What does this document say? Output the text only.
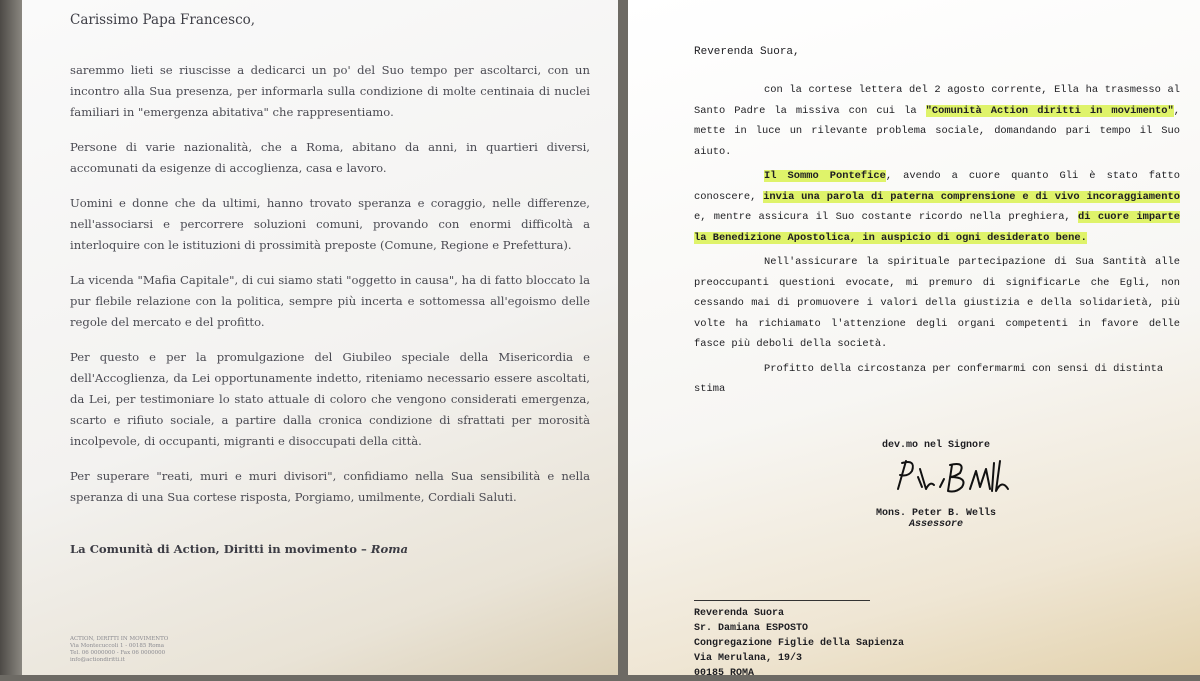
Carissimo Papa Francesco,

saremmo lieti se riuscisse a dedicarci un po' del Suo tempo per ascoltarci, con un incontro alla Sua presenza, per informarla sulla condizione di molte centinaia di nuclei familiari in "emergenza abitativa" che rappresentiamo.

Persone di varie nazionalità, che a Roma, abitano da anni, in quartieri diversi, accomunati da esigenze di accoglienza, casa e lavoro.

Uomini e donne che da ultimi, hanno trovato speranza e coraggio, nelle differenze, nell'associarsi e percorrere soluzioni comuni, provando con enormi difficoltà a interloquire con le istituzioni di prossimità preposte (Comune, Regione e Prefettura).

La vicenda "Mafia Capitale", di cui siamo stati "oggetto in causa", ha di fatto bloccato la pur flebile relazione con la politica, sempre più incerta e sottomessa all'egoismo delle regole del mercato e del profitto.

Per questo e per la promulgazione del Giubileo speciale della Misericordia e dell'Accoglienza, da Lei opportunamente indetto, riteniamo necessario essere ascoltati, da Lei, per testimoniare lo stato attuale di coloro che vengono considerati emergenza, scarto e rifiuto sociale, a partire dalla cronica condizione di sfrattati per morosità incolpevole, di occupanti, migranti e disoccupati della città.

Per superare "reati, muri e muri divisori", confidiamo nella Sua sensibilità e nella speranza di una Sua cortese risposta, Porgiamo, umilmente, Cordiali Saluti.

La Comunità di Action, Diritti in movimento – Roma
ACTION, DIRITTI IN MOVIMENTO
Via Montecuccoli 1 - 00185 Roma
Tel. 06 0000000 - Fax 06 0000000
info@actiondiritti.it

Reverenda Suora,

con la cortese lettera del 2 agosto corrente, Ella ha trasmesso al Santo Padre la missiva con cui la "Comunità Action diritti in movimento", mette in luce un rilevante problema sociale, domandando pari tempo il Suo aiuto.

Il Sommo Pontefice, avendo a cuore quanto Gli è stato fatto conoscere, invia una parola di paterna comprensione e di vivo incoraggiamento e, mentre assicura il Suo costante ricordo nella preghiera, di cuore imparte la Benedizione Apostolica, in auspicio di ogni desiderato bene.

Nell'assicurare la spirituale partecipazione di Sua Santità alle preoccupanti questioni evocate, mi premuro di significarLe che Egli, non cessando mai di promuovere i valori della giustizia e della solidarietà, più volte ha richiamato l'attenzione degli organi competenti in favore delle fasce più deboli della società.

Profitto della circostanza per confermarmi con sensi di distinta stima

dev.mo nel Signore
Mons. Peter B. Wells
Assessore
Reverenda Suora
Sr. Damiana ESPOSTO
Congregazione Figlie della Sapienza
Via Merulana, 19/3
00185 ROMA
